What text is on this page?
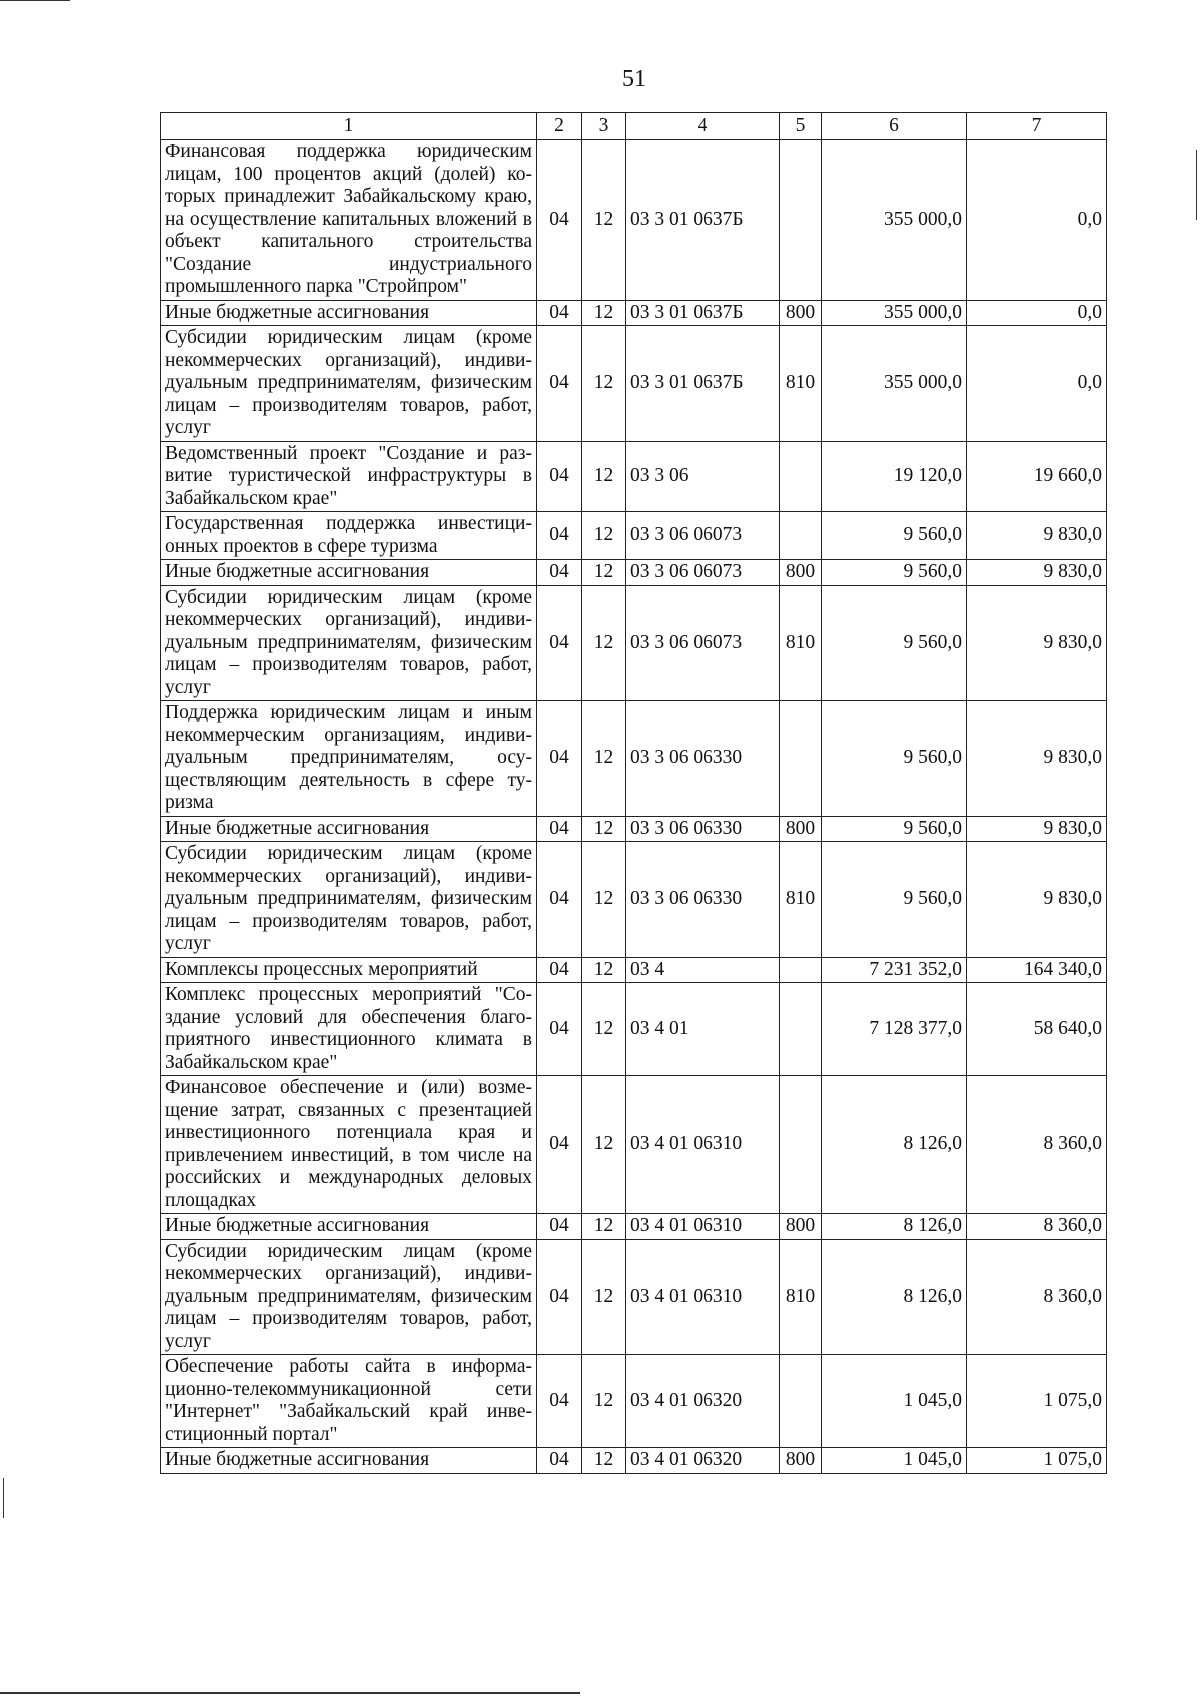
51
1	2	3	4	5	6	7
Финансовая поддержка юридическим лицам, 100 процентов акций (долей) которых принадлежит Забайкальскому краю, на осуществление капитальных вложений в объект капитального строительства "Создание индустриального промышленного парка "Стройпром"	04	12	03 3 01 0637Б		355 000,0	0,0
Иные бюджетные ассигнования	04	12	03 3 01 0637Б	800	355 000,0	0,0
Субсидии юридическим лицам (кроме некоммерческих организаций), индивидуальным предпринимателям, физическим лицам – производителям товаров, работ, услуг	04	12	03 3 01 0637Б	810	355 000,0	0,0
Ведомственный проект "Создание и развитие туристической инфраструктуры в Забайкальском крае"	04	12	03 3 06		19 120,0	19 660,0
Государственная поддержка инвестиционных проектов в сфере туризма	04	12	03 3 06 06073		9 560,0	9 830,0
Иные бюджетные ассигнования	04	12	03 3 06 06073	800	9 560,0	9 830,0
Субсидии юридическим лицам (кроме некоммерческих организаций), индивидуальным предпринимателям, физическим лицам – производителям товаров, работ, услуг	04	12	03 3 06 06073	810	9 560,0	9 830,0
Поддержка юридическим лицам и иным некоммерческим организациям, индивидуальным предпринимателям, осуществляющим деятельность в сфере туризма	04	12	03 3 06 06330		9 560,0	9 830,0
Иные бюджетные ассигнования	04	12	03 3 06 06330	800	9 560,0	9 830,0
Субсидии юридическим лицам (кроме некоммерческих организаций), индивидуальным предпринимателям, физическим лицам – производителям товаров, работ, услуг	04	12	03 3 06 06330	810	9 560,0	9 830,0
Комплексы процессных мероприятий	04	12	03 4		7 231 352,0	164 340,0
Комплекс процессных мероприятий "Создание условий для обеспечения благоприятного инвестиционного климата в Забайкальском крае"	04	12	03 4 01		7 128 377,0	58 640,0
Финансовое обеспечение и (или) возмещение затрат, связанных с презентацией инвестиционного потенциала края и привлечением инвестиций, в том числе на российских и международных деловых площадках	04	12	03 4 01 06310		8 126,0	8 360,0
Иные бюджетные ассигнования	04	12	03 4 01 06310	800	8 126,0	8 360,0
Субсидии юридическим лицам (кроме некоммерческих организаций), индивидуальным предпринимателям, физическим лицам – производителям товаров, работ, услуг	04	12	03 4 01 06310	810	8 126,0	8 360,0
Обеспечение работы сайта в информационно-телекоммуникационной сети "Интернет" "Забайкальский край инвестиционный портал"	04	12	03 4 01 06320		1 045,0	1 075,0
Иные бюджетные ассигнования	04	12	03 4 01 06320	800	1 045,0	1 075,0
